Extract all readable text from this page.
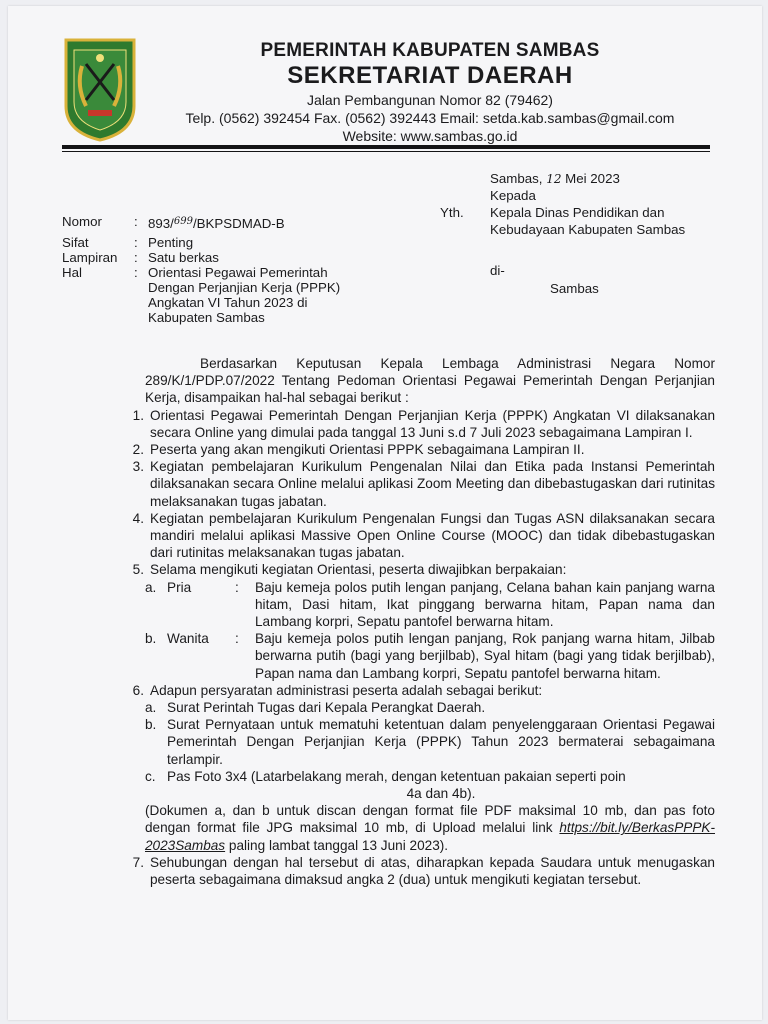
PEMERINTAH KABUPATEN SAMBAS
SEKRETARIAT DAERAH
Jalan Pembangunan Nomor 82 (79462)
Telp. (0562) 392454 Fax. (0562) 392443 Email: setda.kab.sambas@gmail.com
Website: www.sambas.go.id
Sambas, 12 Mei 2023
Kepada
Yth. Kepala Dinas Pendidikan dan
Kebudayaan Kabupaten Sambas
di-
Sambas
Nomor : 893/$^{699}$/BKPSDMAD-B
Sifat	: Penting
Lampiran : Satu berkas
Hal	: Orientasi Pegawai Pemerintah
Dengan Perjanjian Kerja (PPPK)
Angkatan VI Tahun 2023 di
Kabupaten Sambas

Berdasarkan Keputusan Kepala Lembaga Administrasi Negara Nomor 289/K/1/PDP.07/2022 Tentang Pedoman Orientasi Pegawai Pemerintah Dengan Perjanjian Kerja, disampaikan hal-hal sebagai berikut :

1. Orientasi Pegawai Pemerintah Dengan Perjanjian Kerja (PPPK) Angkatan VI dilaksanakan secara Online yang dimulai pada tanggal 13 Juni s.d 7 Juli 2023 sebagaimana Lampiran I.
2. Peserta yang akan mengikuti Orientasi PPPK sebagaimana Lampiran II.
3. Kegiatan pembelajaran Kurikulum Pengenalan Nilai dan Etika pada Instansi Pemerintah dilaksanakan secara Online melalui aplikasi Zoom Meeting dan dibebastugaskan dari rutinitas melaksanakan tugas jabatan.
4. Kegiatan pembelajaran Kurikulum Pengenalan Fungsi dan Tugas ASN dilaksanakan secara mandiri melalui aplikasi Massive Open Online Course (MOOC) dan tidak dibebastugaskan dari rutinitas melaksanakan tugas jabatan.
5. Selama mengikuti kegiatan Orientasi, peserta diwajibkan berpakaian:
a. Pria	:	Baju kemeja polos putih lengan panjang, Celana bahan kain panjang warna hitam, Dasi hitam, Ikat pinggang berwarna hitam, Papan nama dan Lambang korpri, Sepatu pantofel berwarna hitam.
b. Wanita	:	Baju kemeja polos putih lengan panjang, Rok panjang warna hitam, Jilbab berwarna putih (bagi yang berjilbab), Syal hitam (bagi yang tidak berjilbab), Papan nama dan Lambang korpri, Sepatu pantofel berwarna hitam.
6. Adapun persyaratan administrasi peserta adalah sebagai berikut:
a. Surat Perintah Tugas dari Kepala Perangkat Daerah.
b. Surat Pernyataan untuk mematuhi ketentuan dalam penyelenggaraan Orientasi Pegawai Pemerintah Dengan Perjanjian Kerja (PPPK) Tahun 2023 bermaterai sebagaimana terlampir.
c. Pas Foto 3x4 (Latarbelakang merah, dengan ketentuan pakaian seperti poin
4a dan 4b).

(Dokumen a, dan b untuk discan dengan format file PDF maksimal 10 mb, dan pas foto dengan format file JPG maksimal 10 mb, di Upload melalui link https://bit.ly/BerkasPPPK-2023Sambas paling lambat tanggal 13 Juni 2023).

7. Sehubungan dengan hal tersebut di atas, diharapkan kepada Saudara untuk menugaskan peserta sebagaimana dimaksud angka 2 (dua) untuk mengikuti kegiatan tersebut.
